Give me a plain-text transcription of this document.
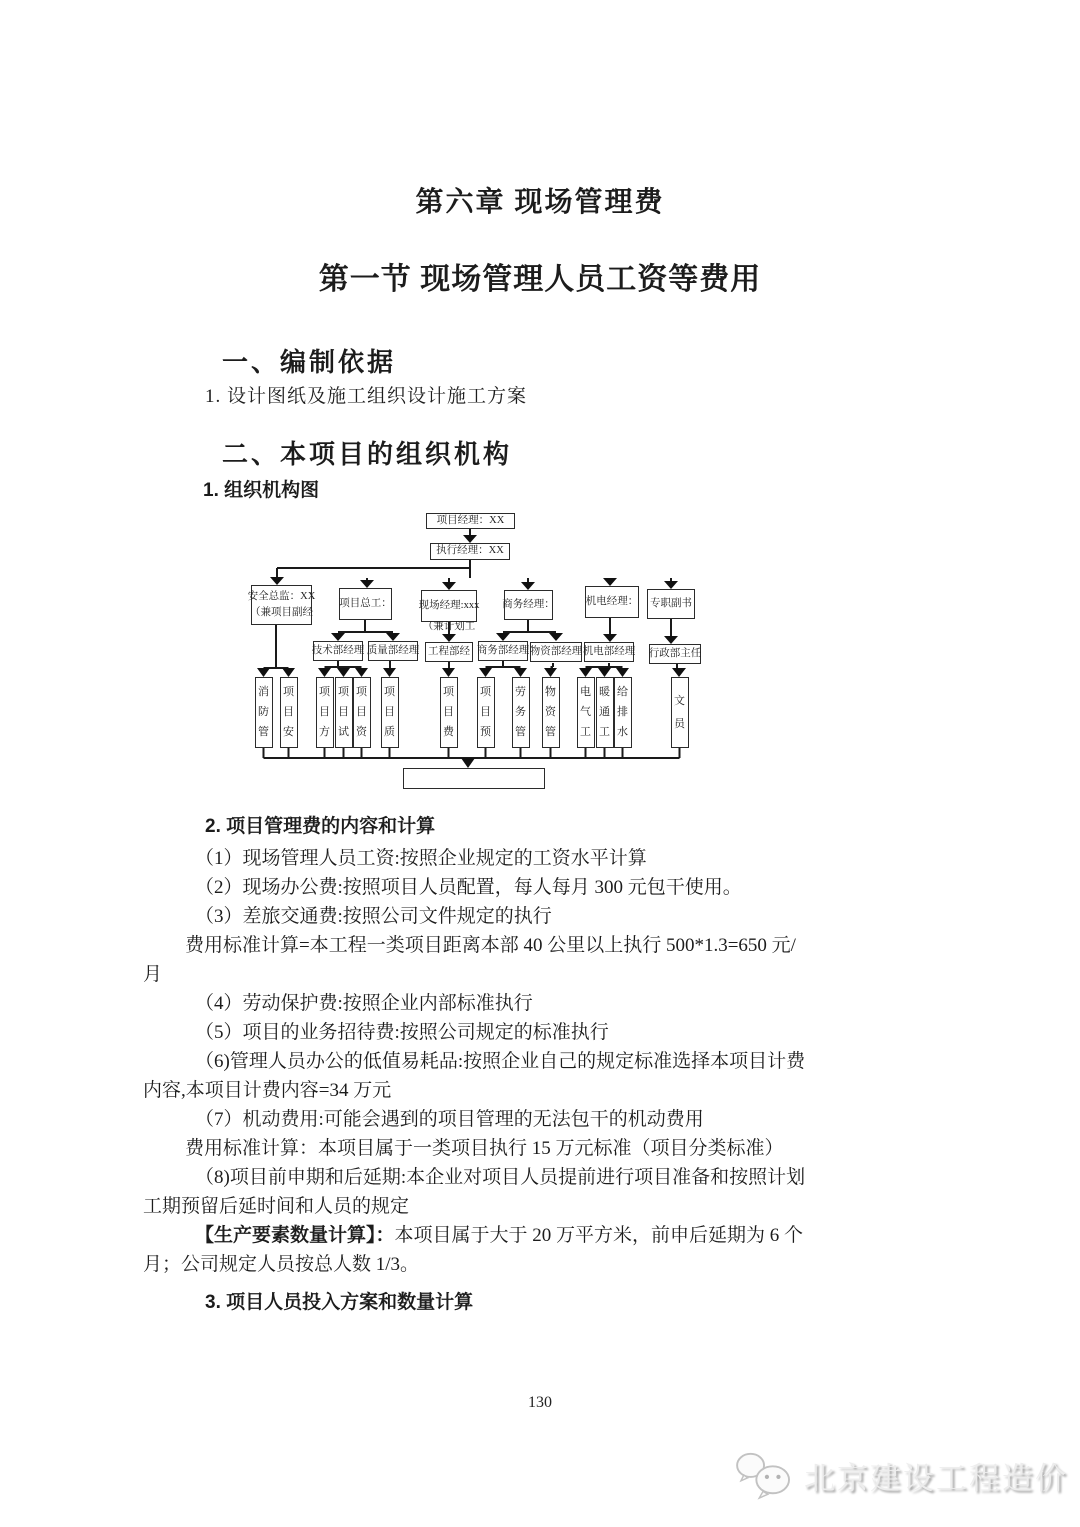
第六章 现场管理费
第一节 现场管理人员工资等费用
一、编制依据
1. 设计图纸及施工组织设计施工方案
二、本项目的组织机构
1. 组织机构图
项目经理：XX
执行经理：XX
安全总监：XX
（兼项目副经
项目总工：	现场经理:xxx
（兼计划工
商务经理：	机电经理： 专职副书
技术部经理 质量部经理 工程部经 商务部经理 物资部经理 机电部经理 行政部主任
消防管
项目安
项目方
项目试
项目资
项目质
项目费
项目预
劳务管
物资管
电气工
暖通工
给排水
文员
2. 项目管理费的内容和计算
（1）现场管理人员工资:按照企业规定的工资水平计算
（2）现场办公费:按照项目人员配置，每人每月 300 元包干使用。
（3）差旅交通费:按照公司文件规定的执行
费用标准计算=本工程一类项目距离本部 40 公里以上执行 500*1.3=650 元/
月
（4）劳动保护费:按照企业内部标准执行
（5）项目的业务招待费:按照公司规定的标准执行
（6)管理人员办公的低值易耗品:按照企业自己的规定标准选择本项目计费
内容,本项目计费内容=34 万元
（7）机动费用:可能会遇到的项目管理的无法包干的机动费用
费用标准计算：本项目属于一类项目执行 15 万元标准（项目分类标准）
（8)项目前申期和后延期:本企业对项目人员提前进行项目准备和按照计划
工期预留后延时间和人员的规定
【生产要素数量计算】：本项目属于大于 20 万平方米，前申后延期为 6 个
月；公司规定人员按总人数 1/3。
3. 项目人员投入方案和数量计算
130
北京建设工程造价
